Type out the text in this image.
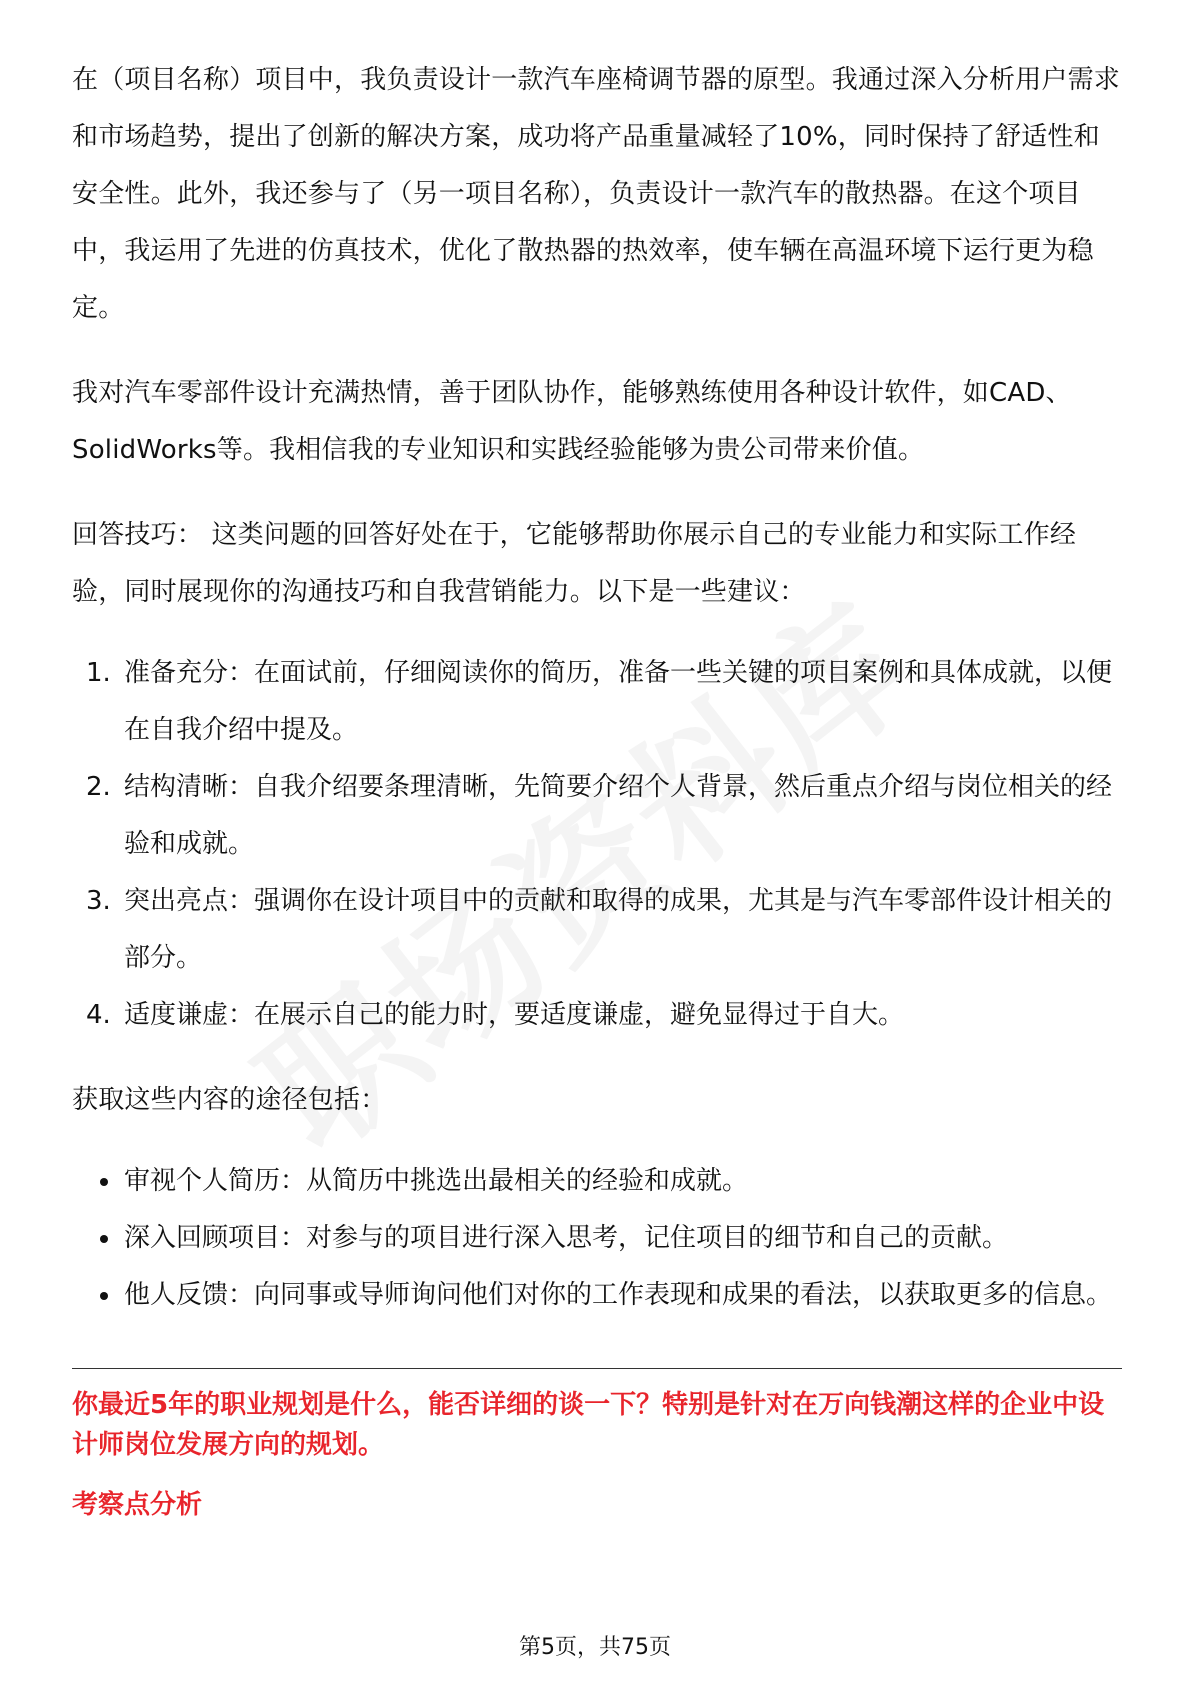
在（项目名称）项目中，我负责设计一款汽车座椅调节器的原型。我通过深入分析用户需求和市场趋势，提出了创新的解决方案，成功将产品重量减轻了10%，同时保持了舒适性和安全性。此外，我还参与了（另一项目名称），负责设计一款汽车的散热器。在这个项目中，我运用了先进的仿真技术，优化了散热器的热效率，使车辆在高温环境下运行更为稳定。

我对汽车零部件设计充满热情，善于团队协作，能够熟练使用各种设计软件，如CAD、SolidWorks等。我相信我的专业知识和实践经验能够为贵公司带来价值。

回答技巧： 这类问题的回答好处在于，它能够帮助你展示自己的专业能力和实际工作经验，同时展现你的沟通技巧和自我营销能力。以下是一些建议：

1. 准备充分：在面试前，仔细阅读你的简历，准备一些关键的项目案例和具体成就，以便在自我介绍中提及。
2. 结构清晰：自我介绍要条理清晰，先简要介绍个人背景，然后重点介绍与岗位相关的经验和成就。
3. 突出亮点：强调你在设计项目中的贡献和取得的成果，尤其是与汽车零部件设计相关的部分。
4. 适度谦虚：在展示自己的能力时，要适度谦虚，避免显得过于自大。

获取这些内容的途径包括：

审视个人简历：从简历中挑选出最相关的经验和成就。
深入回顾项目：对参与的项目进行深入思考，记住项目的细节和自己的贡献。
他人反馈：向同事或导师询问他们对你的工作表现和成果的看法，以获取更多的信息。

你最近5年的职业规划是什么，能否详细的谈一下？特别是针对在万向钱潮这样的企业中设计师岗位发展方向的规划。

考察点分析

第5页，共75页
